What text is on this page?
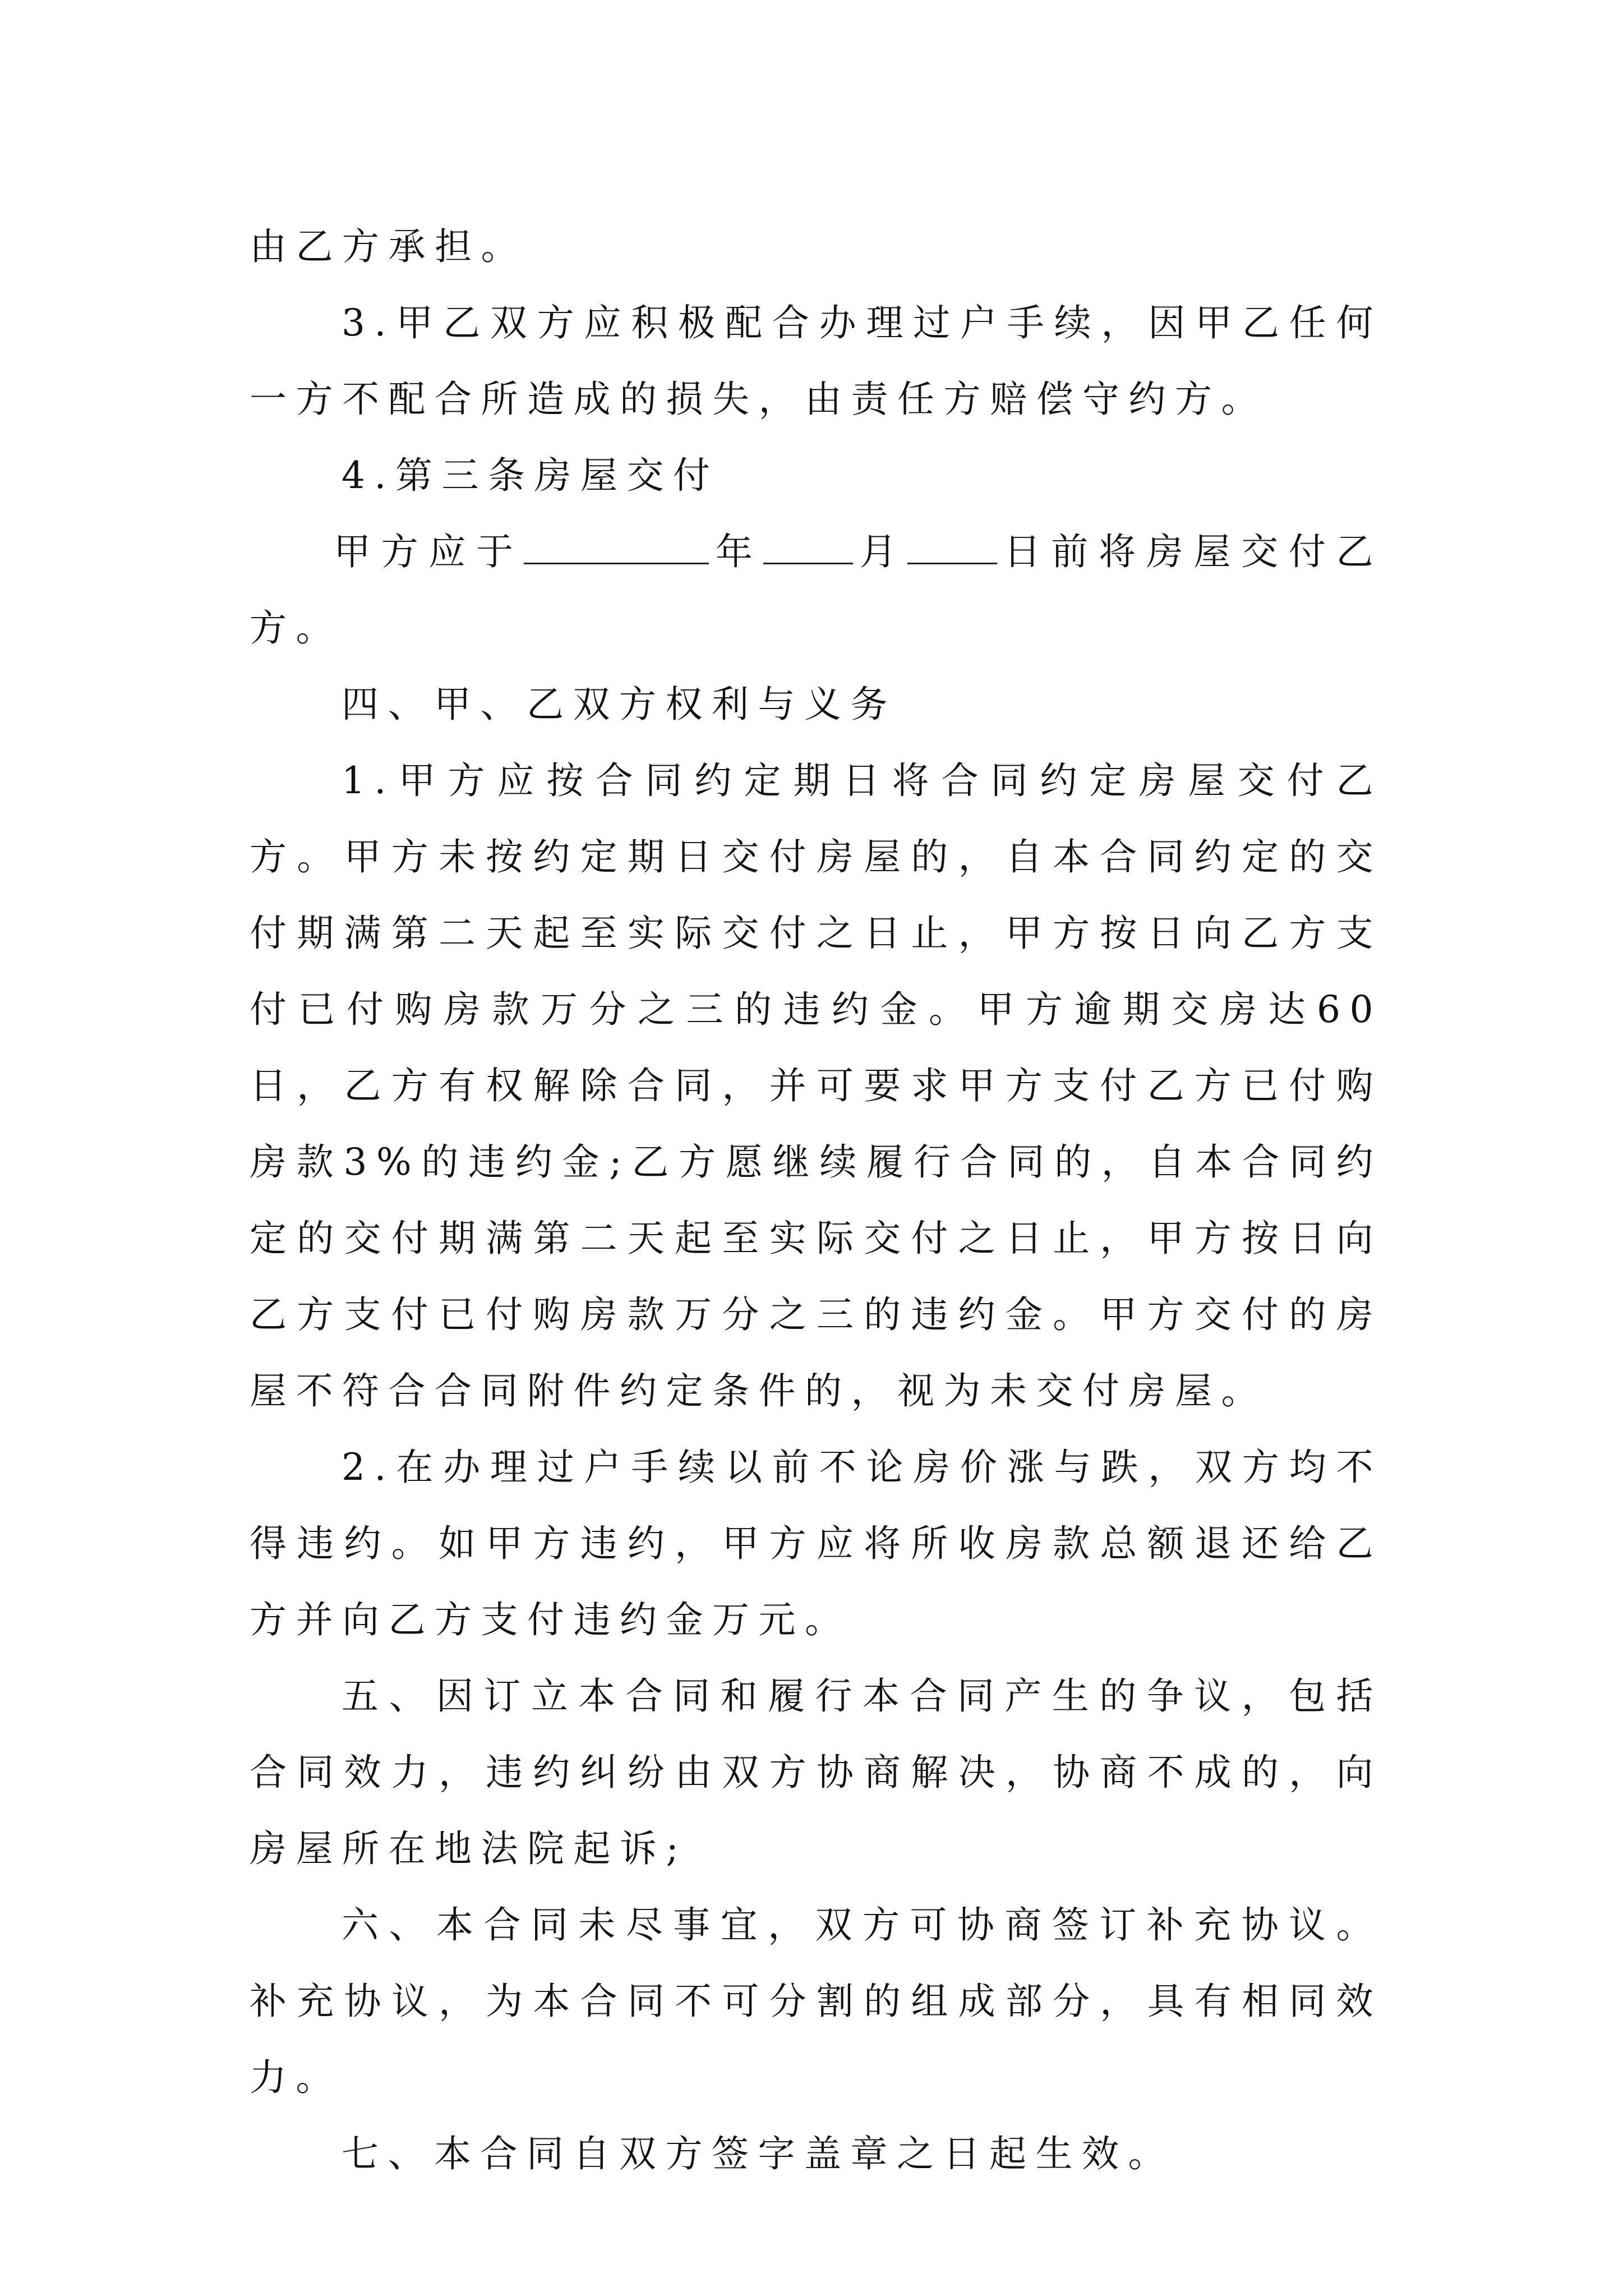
由乙方承担。

3.甲乙双方应积极配合办理过户手续，因甲乙任何一方不配合所造成的损失，由责任方赔偿守约方。

4.第三条房屋交付

甲方应于	年	月	日前将房屋交付乙方。

四、甲、乙双方权利与义务

1.甲方应按合同约定期日将合同约定房屋交付乙方。甲方未按约定期日交付房屋的，自本合同约定的交付期满第二天起至实际交付之日止，甲方按日向乙方支付已付购房款万分之三的违约金。甲方逾期交房达60日，乙方有权解除合同，并可要求甲方支付乙方已付购房款3%的违约金;乙方愿继续履行合同的，自本合同约定的交付期满第二天起至实际交付之日止，甲方按日向乙方支付已付购房款万分之三的违约金。甲方交付的房屋不符合合同附件约定条件的，视为未交付房屋。

2.在办理过户手续以前不论房价涨与跌，双方均不得违约。如甲方违约，甲方应将所收房款总额退还给乙方并向乙方支付违约金万元。

五、因订立本合同和履行本合同产生的争议，包括合同效力，违约纠纷由双方协商解决，协商不成的，向房屋所在地法院起诉;

六、本合同未尽事宜，双方可协商签订补充协议。补充协议，为本合同不可分割的组成部分，具有相同效力。

七、本合同自双方签字盖章之日起生效。
